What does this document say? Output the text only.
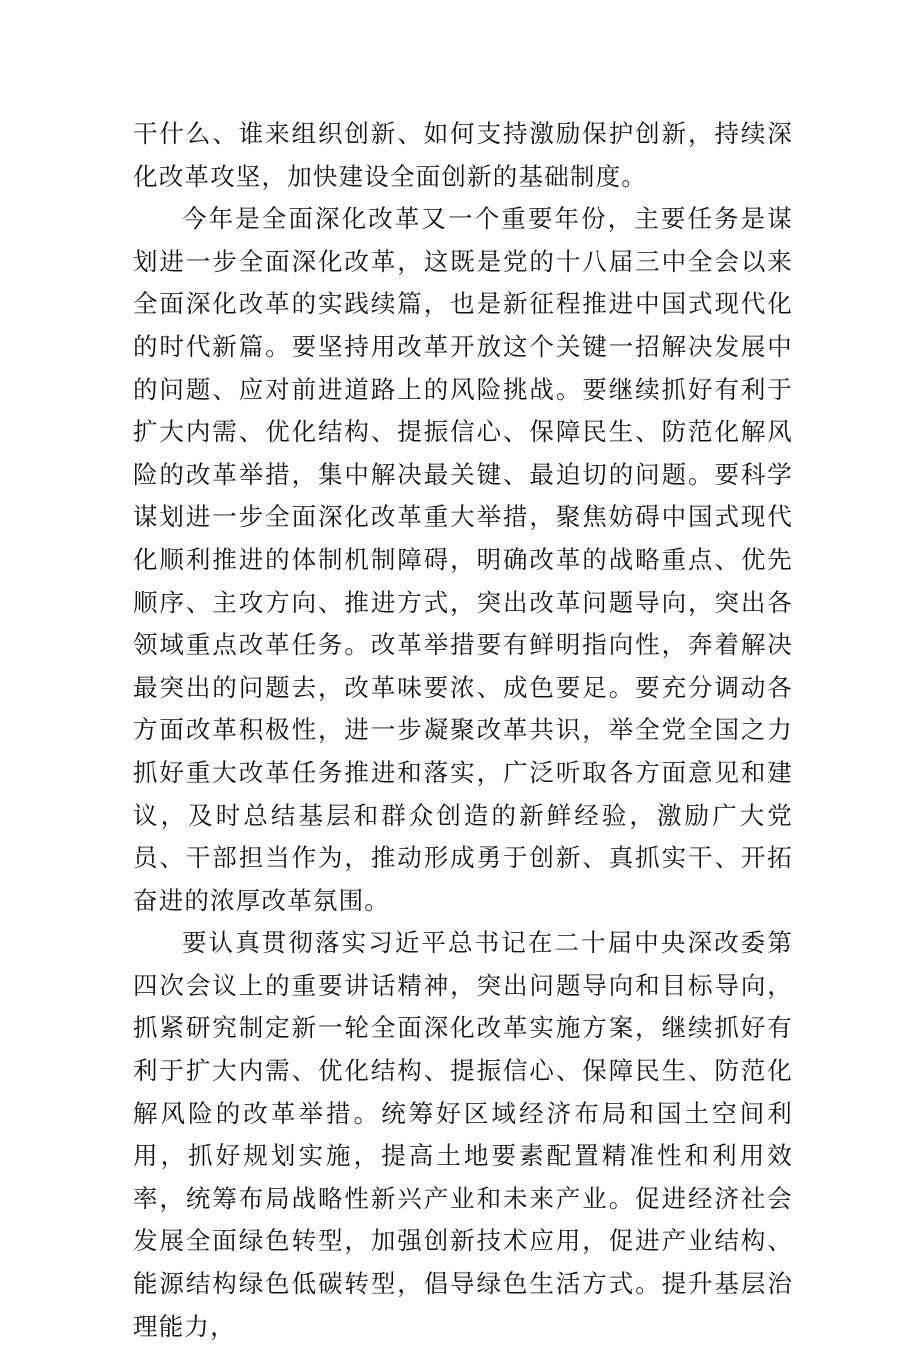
干什么、谁来组织创新、如何支持激励保护创新，持续深化改革攻坚，加快建设全面创新的基础制度。

今年是全面深化改革又一个重要年份，主要任务是谋划进一步全面深化改革，这既是党的十八届三中全会以来全面深化改革的实践续篇，也是新征程推进中国式现代化的时代新篇。要坚持用改革开放这个关键一招解决发展中的问题、应对前进道路上的风险挑战。要继续抓好有利于扩大内需、优化结构、提振信心、保障民生、防范化解风险的改革举措，集中解决最关键、最迫切的问题。要科学谋划进一步全面深化改革重大举措，聚焦妨碍中国式现代化顺利推进的体制机制障碍，明确改革的战略重点、优先顺序、主攻方向、推进方式，突出改革问题导向，突出各领域重点改革任务。改革举措要有鲜明指向性，奔着解决最突出的问题去，改革味要浓、成色要足。要充分调动各方面改革积极性，进一步凝聚改革共识，举全党全国之力抓好重大改革任务推进和落实，广泛听取各方面意见和建议，及时总结基层和群众创造的新鲜经验，激励广大党员、干部担当作为，推动形成勇于创新、真抓实干、开拓奋进的浓厚改革氛围。

要认真贯彻落实习近平总书记在二十届中央深改委第四次会议上的重要讲话精神，突出问题导向和目标导向，抓紧研究制定新一轮全面深化改革实施方案，继续抓好有利于扩大内需、优化结构、提振信心、保障民生、防范化解风险的改革举措。统筹好区域经济布局和国土空间利用，抓好规划实施，提高土地要素配置精准性和利用效率，统筹布局战略性新兴产业和未来产业。促进经济社会发展全面绿色转型，加强创新技术应用，促进产业结构、能源结构绿色低碳转型，倡导绿色生活方式。提升基层治理能力，
